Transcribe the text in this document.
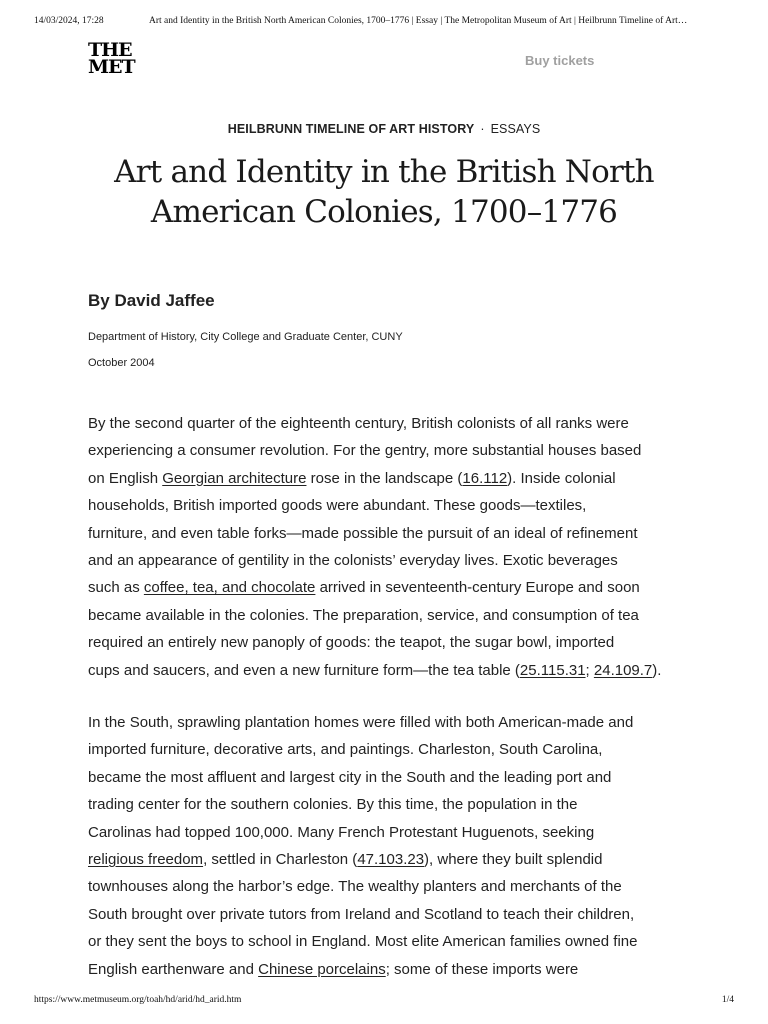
14/03/2024, 17:28	Art and Identity in the British North American Colonies, 1700–1776 | Essay | The Metropolitan Museum of Art | Heilbrunn Timeline of Art…
THE
MET	Buy tickets
HEILBRUNN TIMELINE OF ART HISTORY · ESSAYS
Art and Identity in the British North
American Colonies, 1700–1776
By David Jaffee
Department of History, City College and Graduate Center, CUNY
October 2004
By the second quarter of the eighteenth century, British colonists of all ranks were
experiencing a consumer revolution. For the gentry, more substantial houses based
on English Georgian architecture rose in the landscape (16.112). Inside colonial
households, British imported goods were abundant. These goods—textiles,
furniture, and even table forks—made possible the pursuit of an ideal of refinement
and an appearance of gentility in the colonists’ everyday lives. Exotic beverages
such as coffee, tea, and chocolate arrived in seventeenth-century Europe and soon
became available in the colonies. The preparation, service, and consumption of tea
required an entirely new panoply of goods: the teapot, the sugar bowl, imported
cups and saucers, and even a new furniture form—the tea table (25.115.31; 24.109.7).
In the South, sprawling plantation homes were filled with both American-made and
imported furniture, decorative arts, and paintings. Charleston, South Carolina,
became the most affluent and largest city in the South and the leading port and
trading center for the southern colonies. By this time, the population in the
Carolinas had topped 100,000. Many French Protestant Huguenots, seeking
religious freedom, settled in Charleston (47.103.23), where they built splendid
townhouses along the harbor’s edge. The wealthy planters and merchants of the
South brought over private tutors from Ireland and Scotland to teach their children,
or they sent the boys to school in England. Most elite American families owned fine
English earthenware and Chinese porcelains; some of these imports were
https://www.metmuseum.org/toah/hd/arid/hd_arid.htm	1/4
